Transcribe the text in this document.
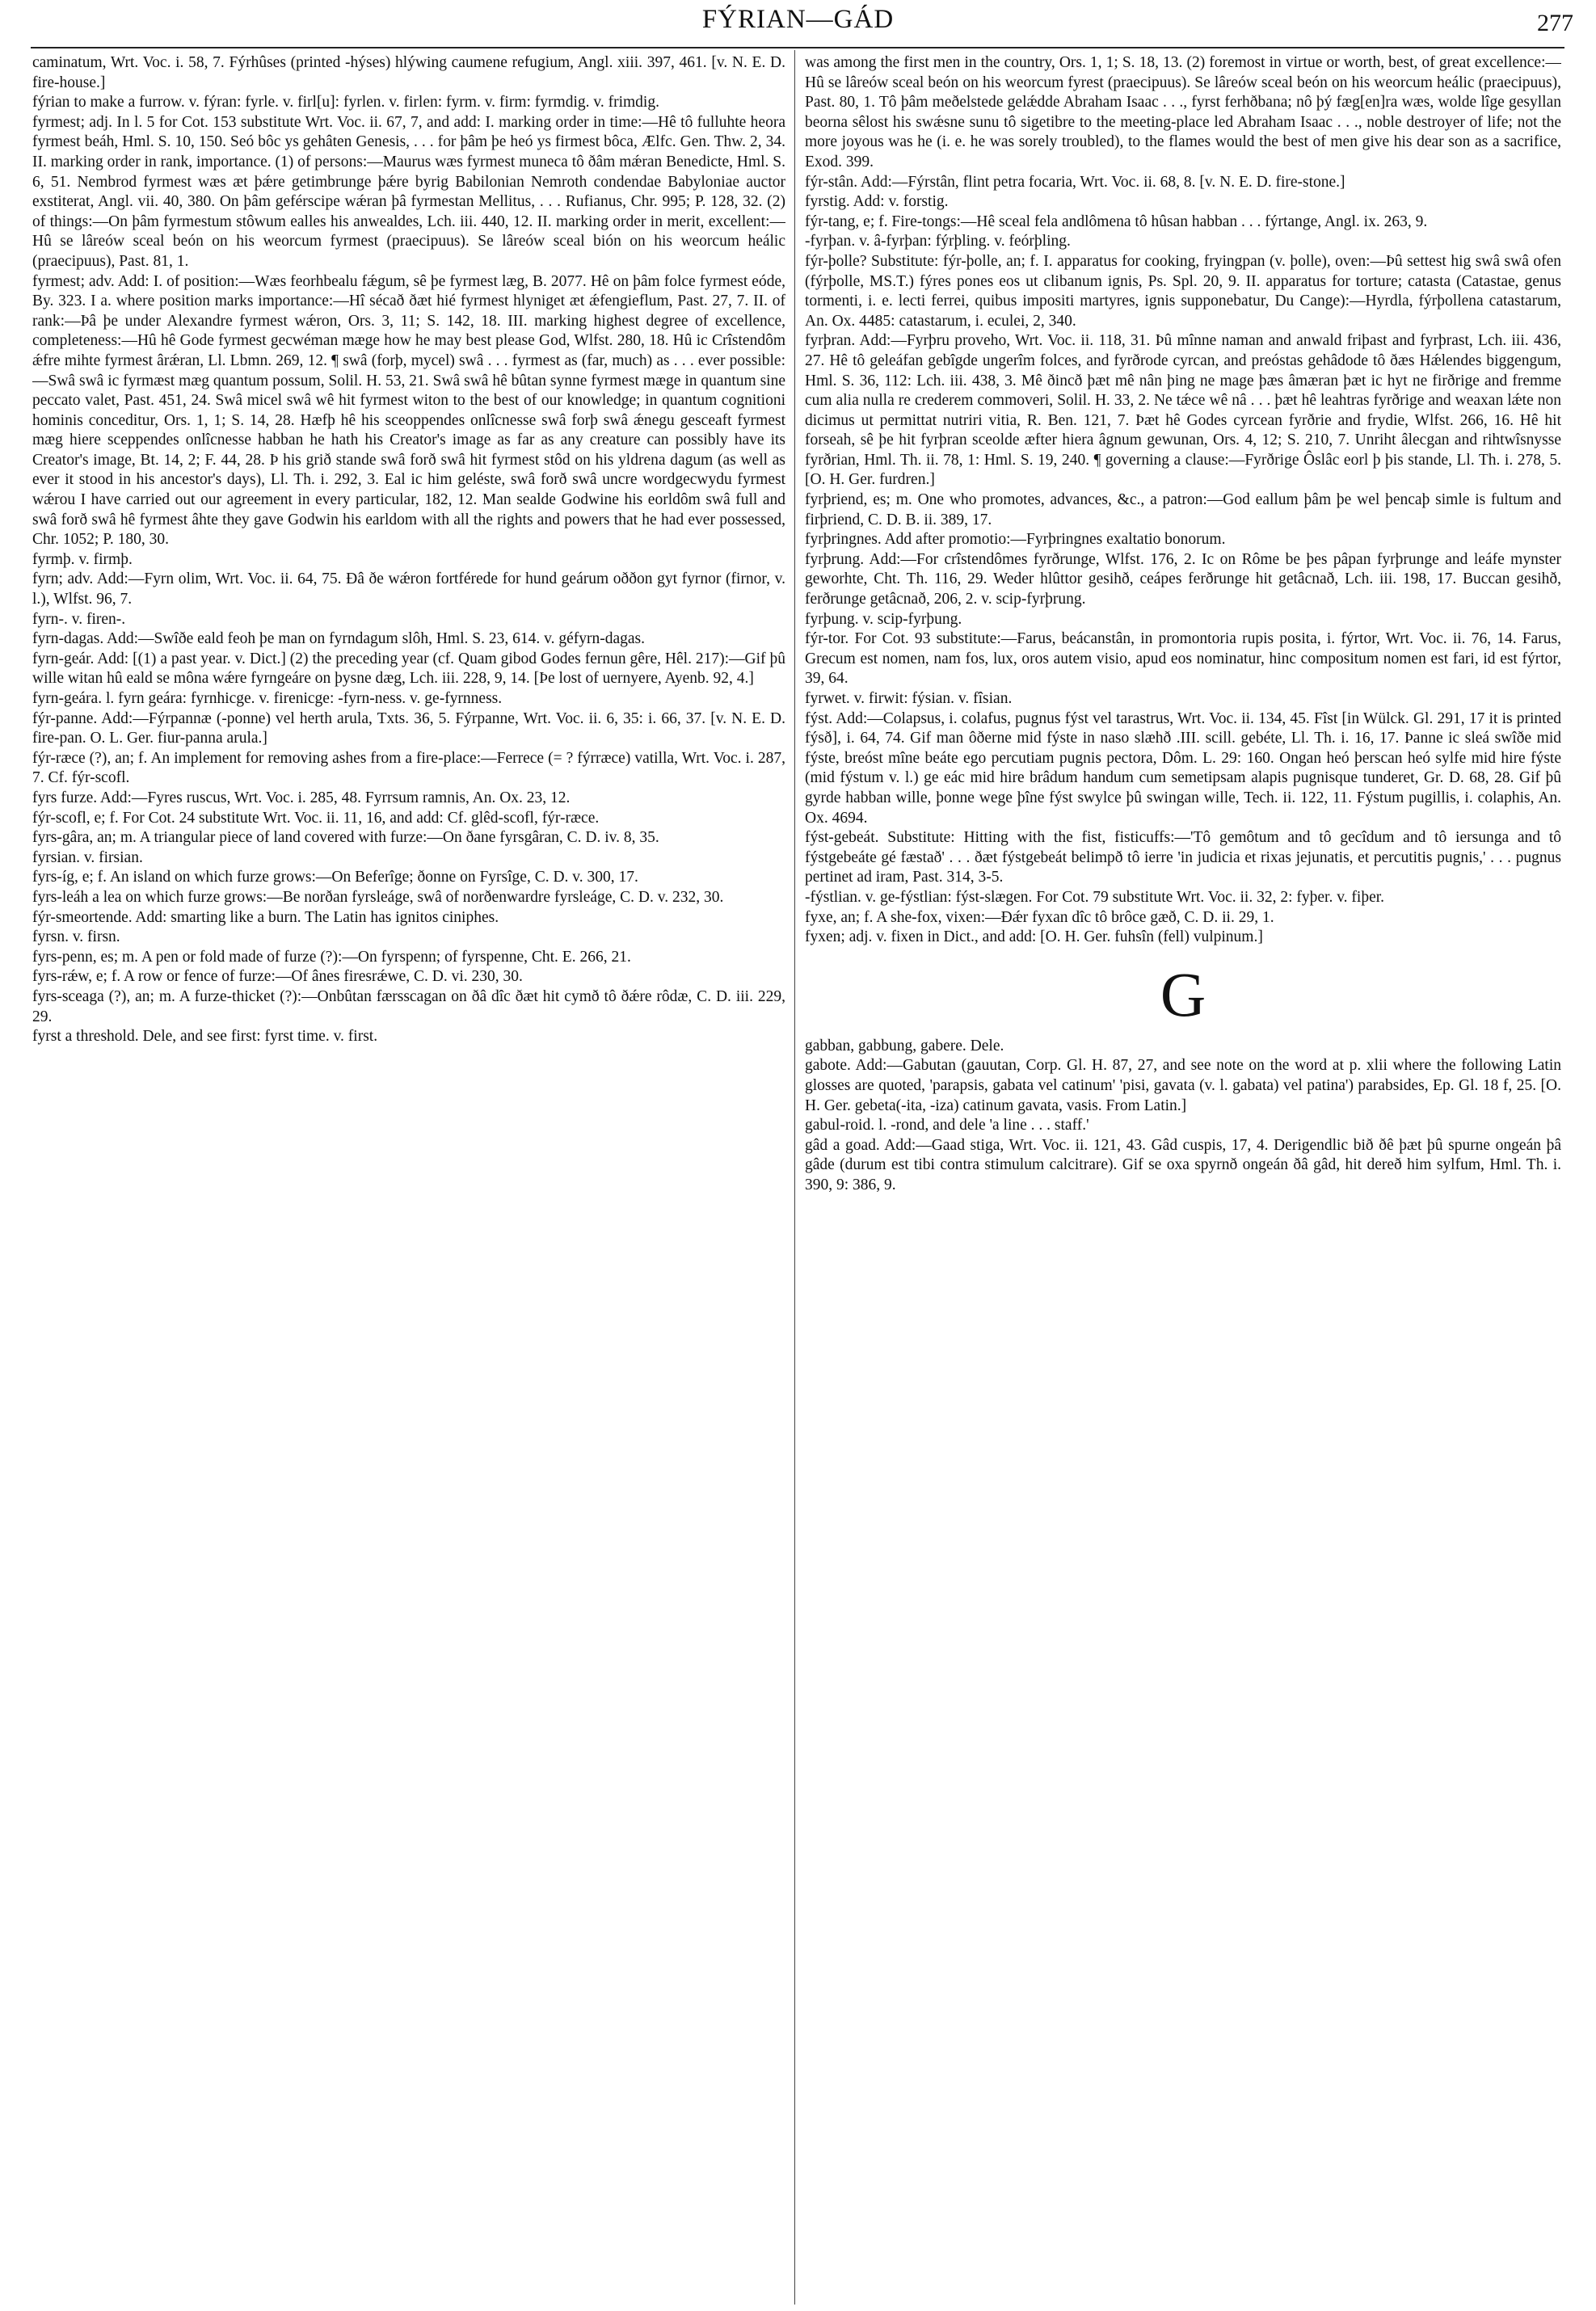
FÝRIAN—GÁD	277

caminatum, Wrt. Voc. i. 58, 7. Fýrhûses (printed -hýses) hlýwing caumene refugium, Angl. xiii. 397, 461. [v. N. E. D. fire-house.]

fýrian to make a furrow. v. fýran: fyrle. v. firl[u]: fyrlen. v. firlen: fyrm. v. firm: fyrmdig. v. frimdig.

fyrmest; adj. In l. 5 for Cot. 153 substitute Wrt. Voc. ii. 67, 7, and add: I. marking order in time:—Hê tô fulluhte heora fyrmest beáh, Hml. S. 10, 150. Seó bôc ys gehâten Genesis, . . . for þâm þe heó ys firmest bôca, Ælfc. Gen. Thw. 2, 34. II. marking order in rank, importance. (1) of persons:—Maurus wæs fyrmest muneca tô ðâm mǽran Benedicte, Hml. S. 6, 51. Nembrod fyrmest wæs æt þǽre getimbrunge þǽre byrig Babilonian Nemroth condendae Babyloniae auctor exstiterat, Angl. vii. 40, 380. On þâm geférscipe wǽran þâ fyrmestan Mellitus, . . . Rufianus, Chr. 995; P. 128, 32. (2) of things:—On þâm fyrmestum stôwum ealles his anwealdes, Lch. iii. 440, 12. II. marking order in merit, excellent:—Hû se lâreów sceal beón on his weorcum fyrmest (praecipuus). Se lâreów sceal bión on his weorcum heálic (praecipuus), Past. 81, 1.

fyrmest; adv. Add: I. of position:—Wæs feorhbealu fǽgum, sê þe fyrmest læg, B. 2077. Hê on þâm folce fyrmest eóde, By. 323. I a. where position marks importance:—Hî sécað ðæt hié fyrmest hlyniget æt ǽfengieflum, Past. 27, 7. II. of rank:—Þâ þe under Alexandre fyrmest wǽron, Ors. 3, 11; S. 142, 18. III. marking highest degree of excellence, completeness:—Hû hê Gode fyrmest gecwéman mæge how he may best please God, Wlfst. 280, 18. Hû ic Crîstendôm ǽfre mihte fyrmest ârǽran, Ll. Lbmn. 269, 12. ¶ swâ (forþ, mycel) swâ . . . fyrmest as (far, much) as . . . ever possible:—Swâ swâ ic fyrmæst mæg quantum possum, Solil. H. 53, 21. Swâ swâ hê bûtan synne fyrmest mæge in quantum sine peccato valet, Past. 451, 24. Swâ micel swâ wê hit fyrmest witon to the best of our knowledge; in quantum cognitioni hominis conceditur, Ors. 1, 1; S. 14, 28. Hæfþ hê his sceoppendes onlîcnesse swâ forþ swâ ǽnegu gesceaft fyrmest mæg hiere sceppendes onlîcnesse habban he hath his Creator's image as far as any creature can possibly have its Creator's image, Bt. 14, 2; F. 44, 28. Þ his grið stande swâ forð swâ hit fyrmest stôd on his yldrena dagum (as well as ever it stood in his ancestor's days), Ll. Th. i. 292, 3. Eal ic him geléste, swâ forð swâ uncre wordgecwydu fyrmest wǽrou I have carried out our agreement in every particular, 182, 12. Man sealde Godwine his eorldôm swâ full and swâ forð swâ hê fyrmest âhte they gave Godwin his earldom with all the rights and powers that he had ever possessed, Chr. 1052; P. 180, 30.

fyrmþ. v. firmþ.

fyrn; adv. Add:—Fyrn olim, Wrt. Voc. ii. 64, 75. Ðâ ðe wǽron fortférede for hund geárum oððon gyt fyrnor (firnor, v. l.), Wlfst. 96, 7.

fyrn-. v. firen-.

fyrn-dagas. Add:—Swîðe eald feoh þe man on fyrndagum slôh, Hml. S. 23, 614. v. géfyrn-dagas.

fyrn-geár. Add: [(1) a past year. v. Dict.] (2) the preceding year (cf. Quam gibod Godes fernun gêre, Hêl. 217):—Gif þû wille witan hû eald se môna wǽre fyrngeáre on þysne dæg, Lch. iii. 228, 9, 14. [Þe lost of uernyere, Ayenb. 92, 4.]

fyrn-geára. l. fyrn geára: fyrnhicge. v. firenicge: -fyrn-ness. v. ge-fyrnness.

fýr-panne. Add:—Fýrpannæ (-ponne) vel herth arula, Txts. 36, 5. Fýrpanne, Wrt. Voc. ii. 6, 35: i. 66, 37. [v. N. E. D. fire-pan. O. L. Ger. fiur-panna arula.]

fýr-ræce (?), an; f. An implement for removing ashes from a fire-place:—Ferrece (= ? fýrræce) vatilla, Wrt. Voc. i. 287, 7. Cf. fýr-scofl.

fyrs furze. Add:—Fyres ruscus, Wrt. Voc. i. 285, 48. Fyrrsum ramnis, An. Ox. 23, 12.

fýr-scofl, e; f. For Cot. 24 substitute Wrt. Voc. ii. 11, 16, and add: Cf. glêd-scofl, fýr-ræce.

fyrs-gâra, an; m. A triangular piece of land covered with furze:—On ðane fyrsgâran, C. D. iv. 8, 35.

fyrsian. v. firsian.

fyrs-íg, e; f. An island on which furze grows:—On Beferîge; ðonne on Fyrsîge, C. D. v. 300, 17.

fyrs-leáh a lea on which furze grows:—Be norðan fyrsleáge, swâ of norðenwardre fyrsleáge, C. D. v. 232, 30.

fýr-smeortende. Add: smarting like a burn. The Latin has ignitos ciniphes.

fyrsn. v. firsn.

fyrs-penn, es; m. A pen or fold made of furze (?):—On fyrspenn; of fyrspenne, Cht. E. 266, 21.

fyrs-rǽw, e; f. A row or fence of furze:—Of ânes firesrǽwe, C. D. vi. 230, 30.

fyrs-sceaga (?), an; m. A furze-thicket (?):—Onbûtan færsscagan on ðâ dîc ðæt hit cymð tô ðǽre rôdæ, C. D. iii. 229, 29.

fyrst a threshold. Dele, and see first: fyrst time. v. first.

was among the first men in the country, Ors. 1, 1; S. 18, 13. (2) foremost in virtue or worth, best, of great excellence:—Hû se lâreów sceal beón on his weorcum fyrest (praecipuus). Se lâreów sceal beón on his weorcum heálic (praecipuus), Past. 80, 1. Tô þâm meðelstede gelǽdde Abraham Isaac . . ., fyrst ferhðbana; nô þý fæg[en]ra wæs, wolde lîge gesyllan beorna sêlost his swǽsne sunu tô sigetibre to the meeting-place led Abraham Isaac . . ., noble destroyer of life; not the more joyous was he (i. e. he was sorely troubled), to the flames would the best of men give his dear son as a sacrifice, Exod. 399.

fýr-stân. Add:—Fýrstân, flint petra focaria, Wrt. Voc. ii. 68, 8. [v. N. E. D. fire-stone.]

fyrstig. Add: v. forstig.

fýr-tang, e; f. Fire-tongs:—Hê sceal fela andlômena tô hûsan habban . . . fýrtange, Angl. ix. 263, 9.

-fyrþan. v. â-fyrþan: fýrþling. v. feórþling.

fýr-þolle? Substitute: fýr-þolle, an; f. I. apparatus for cooking, fryingpan (v. þolle), oven:—Þû settest hig swâ swâ ofen (fýrþolle, MS.T.) fýres pones eos ut clibanum ignis, Ps. Spl. 20, 9. II. apparatus for torture; catasta (Catastae, genus tormenti, i. e. lecti ferrei, quibus impositi martyres, ignis supponebatur, Du Cange):—Hyrdla, fýrþollena catastarum, An. Ox. 4485: catastarum, i. eculei, 2, 340.

fyrþran. Add:—Fyrþru proveho, Wrt. Voc. ii. 118, 31. Þû mînne naman and anwald friþast and fyrþrast, Lch. iii. 436, 27. Hê tô geleáfan gebîgde ungerîm folces, and fyrðrode cyrcan, and preóstas gehâdode tô ðæs Hǽlendes biggengum, Hml. S. 36, 112: Lch. iii. 438, 3. Mê ðincð þæt mê nân þing ne mage þæs âmæran þæt ic hyt ne firðrige and fremme cum alia nulla re crederem commoveri, Solil. H. 33, 2. Ne tǽce wê nâ . . . þæt hê leahtras fyrðrige and weaxan lǽte non dicimus ut permittat nutriri vitia, R. Ben. 121, 7. Þæt hê Godes cyrcean fyrðrie and frydie, Wlfst. 266, 16. Hê hit forseah, sê þe hit fyrþran sceolde æfter hiera âgnum gewunan, Ors. 4, 12; S. 210, 7. Unriht âlecgan and rihtwîsnysse fyrðrian, Hml. Th. ii. 78, 1: Hml. S. 19, 240. ¶ governing a clause:—Fyrðrige Ôslâc eorl þ þis stande, Ll. Th. i. 278, 5. [O. H. Ger. furdren.]

fyrþriend, es; m. One who promotes, advances, &c., a patron:—God eallum þâm þe wel þencaþ simle is fultum and firþriend, C. D. B. ii. 389, 17.

fyrþringnes. Add after promotio:—Fyrþringnes exaltatio bonorum.

fyrþrung. Add:—For crîstendômes fyrðrunge, Wlfst. 176, 2. Ic on Rôme be þes pâpan fyrþrunge and leáfe mynster geworhte, Cht. Th. 116, 29. Weder hlûttor gesihð, ceápes ferðrunge hit getâcnað, Lch. iii. 198, 17. Buccan gesihð, ferðrunge getâcnað, 206, 2. v. scip-fyrþrung.

fyrþung. v. scip-fyrþung.

fýr-tor. For Cot. 93 substitute:—Farus, beácanstân, in promontoria rupis posita, i. fýrtor, Wrt. Voc. ii. 76, 14. Farus, Grecum est nomen, nam fos, lux, oros autem visio, apud eos nominatur, hinc compositum nomen est fari, id est fýrtor, 39, 64.

fyrwet. v. firwit: fýsian. v. fîsian.

fýst. Add:—Colapsus, i. colafus, pugnus fýst vel tarastrus, Wrt. Voc. ii. 134, 45. Fîst [in Wülck. Gl. 291, 17 it is printed fýsð], i. 64, 74. Gif man ôðerne mid fýste in naso slæhð .III. scill. gebéte, Ll. Th. i. 16, 17. Þanne ic sleá swîðe mid fýste, breóst mîne beáte ego percutiam pugnis pectora, Dôm. L. 29: 160. Ongan heó þerscan heó sylfe mid hire fýste (mid fýstum v. l.) ge eác mid hire brâdum handum cum semetipsam alapis pugnisque tunderet, Gr. D. 68, 28. Gif þû gyrde habban wille, þonne wege þîne fýst swylce þû swingan wille, Tech. ii. 122, 11. Fýstum pugillis, i. colaphis, An. Ox. 4694.

fýst-gebeát. Substitute: Hitting with the fist, fisticuffs:—'Tô gemôtum and tô gecîdum and tô iersunga and tô fýstgebeáte gé fæstað' . . . ðæt fýstgebeát belimpð tô ierre 'in judicia et rixas jejunatis, et percutitis pugnis,' . . . pugnus pertinet ad iram, Past. 314, 3-5.

-fýstlian. v. ge-fýstlian: fýst-slægen. For Cot. 79 substitute Wrt. Voc. ii. 32, 2: fyþer. v. fiþer.

fyxe, an; f. A she-fox, vixen:—Ðǽr fyxan dîc tô brôce gæð, C. D. ii. 29, 1.

fyxen; adj. v. fixen in Dict., and add: [O. H. Ger. fuhsîn (fell) vulpinum.]

G

gabban, gabbung, gabere. Dele.

gabote. Add:—Gabutan (gauutan, Corp. Gl. H. 87, 27, and see note on the word at p. xlii where the following Latin glosses are quoted, 'parapsis, gabata vel catinum' 'pisi, gavata (v. l. gabata) vel patina') parabsides, Ep. Gl. 18 f, 25. [O. H. Ger. gebeta(-ita, -iza) catinum gavata, vasis. From Latin.]

gabul-roid. l. -rond, and dele 'a line . . . staff.'

gâd a goad. Add:—Gaad stiga, Wrt. Voc. ii. 121, 43. Gâd cuspis, 17, 4. Derigendlic bið ðê þæt þû spurne ongeán þâ gâde (durum est tibi contra stimulum calcitrare). Gif se oxa spyrnð ongeán ðâ gâd, hit dereð him sylfum, Hml. Th. i. 390, 9: 386, 9.
